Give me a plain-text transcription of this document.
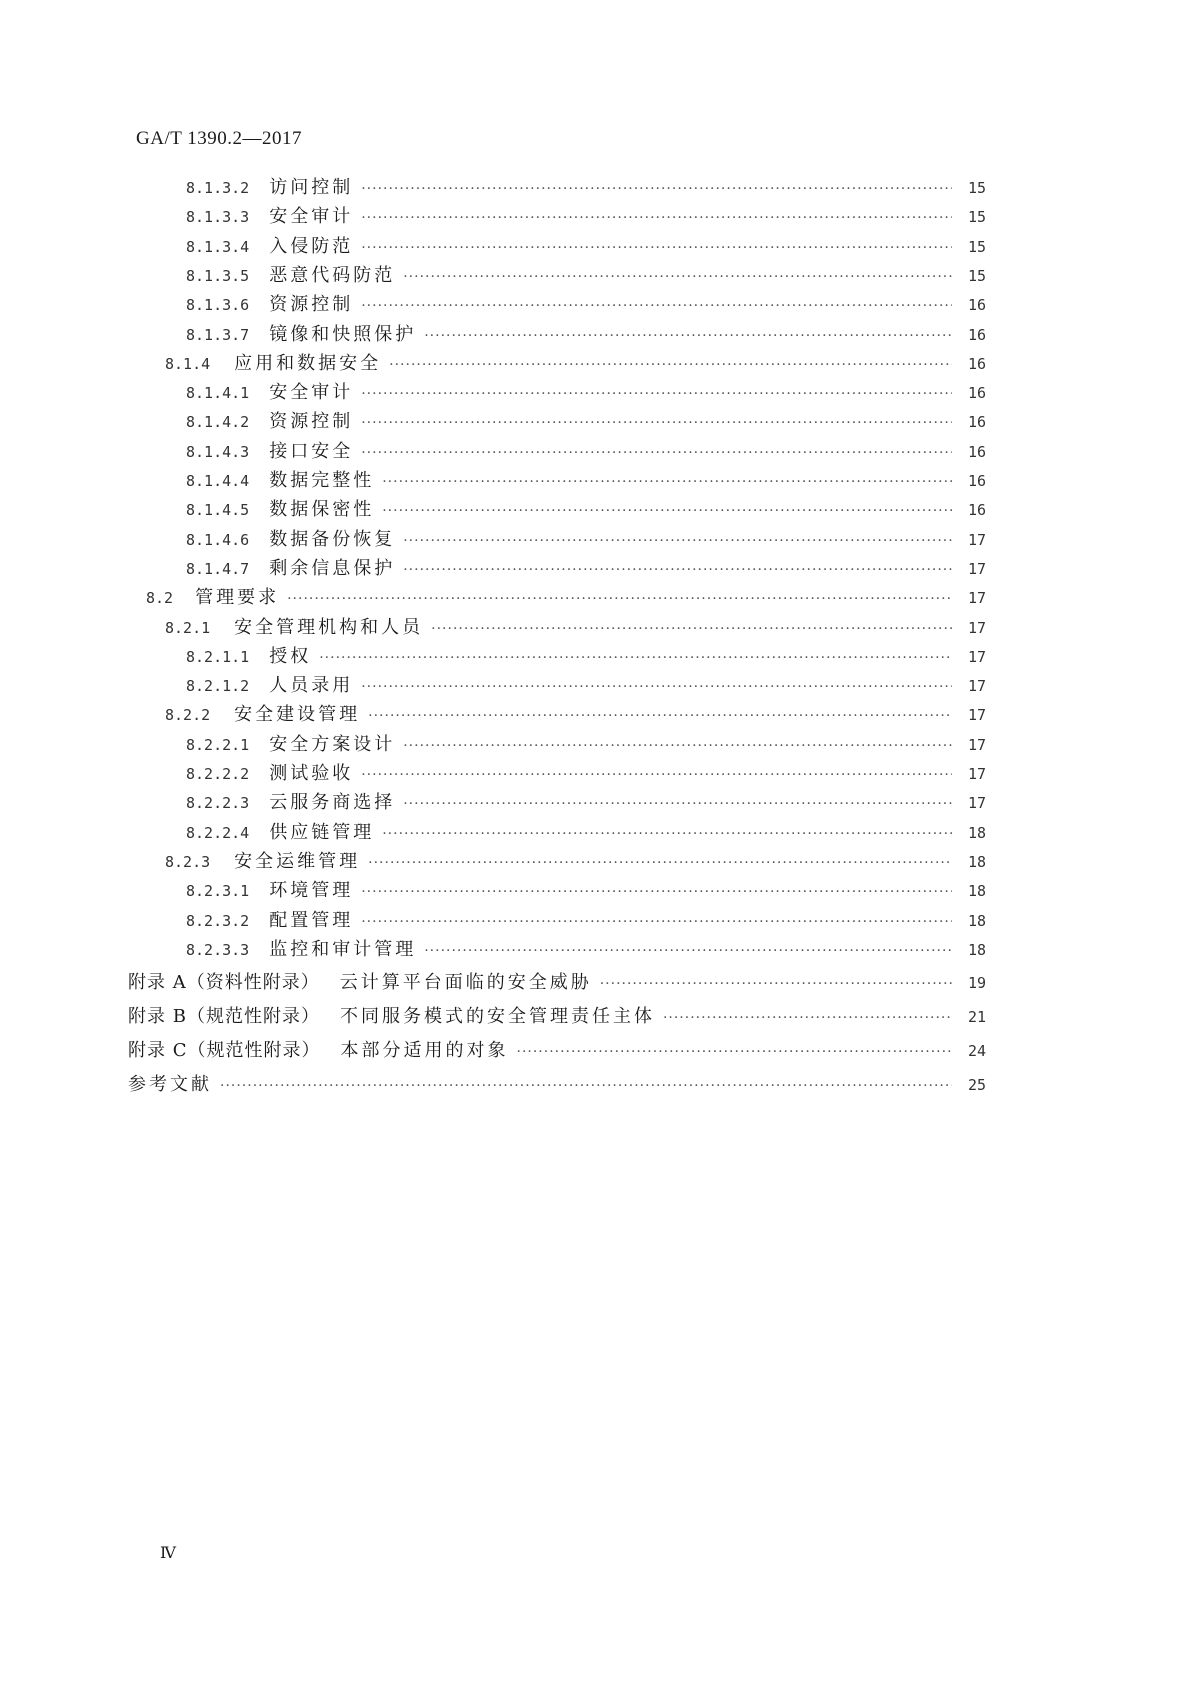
GA/T 1390.2—2017
8.1.3.2 访问控制 ·····	15
8.1.3.3 安全审计 ·····	15
8.1.3.4 入侵防范 ·····	15
8.1.3.5 恶意代码防范 ·····	15
8.1.3.6 资源控制 ·····	16
8.1.3.7 镜像和快照保护 ·····	16
8.1.4 应用和数据安全 ·····	16
8.1.4.1 安全审计 ·····	16
8.1.4.2 资源控制 ·····	16
8.1.4.3 接口安全 ·····	16
8.1.4.4 数据完整性 ·····	16
8.1.4.5 数据保密性 ·····	16
8.1.4.6 数据备份恢复 ·····	17
8.1.4.7 剩余信息保护 ·····	17
8.2 管理要求 ·····	17
8.2.1 安全管理机构和人员 ·····	17
8.2.1.1 授权 ·····	17
8.2.1.2 人员录用 ·····	17
8.2.2 安全建设管理 ·····	17
8.2.2.1 安全方案设计 ·····	17
8.2.2.2 测试验收 ·····	17
8.2.2.3 云服务商选择 ·····	17
8.2.2.4 供应链管理 ·····	18
8.2.3 安全运维管理 ·····	18
8.2.3.1 环境管理 ·····	18
8.2.3.2 配置管理 ·····	18
8.2.3.3 监控和审计管理 ·····	18
附录 A（资料性附录） 云计算平台面临的安全威胁 ·····	19
附录 B（规范性附录） 不同服务模式的安全管理责任主体 ·····	21
附录 C（规范性附录） 本部分适用的对象 ·····	24
参考文献 ·····	25
Ⅳ
